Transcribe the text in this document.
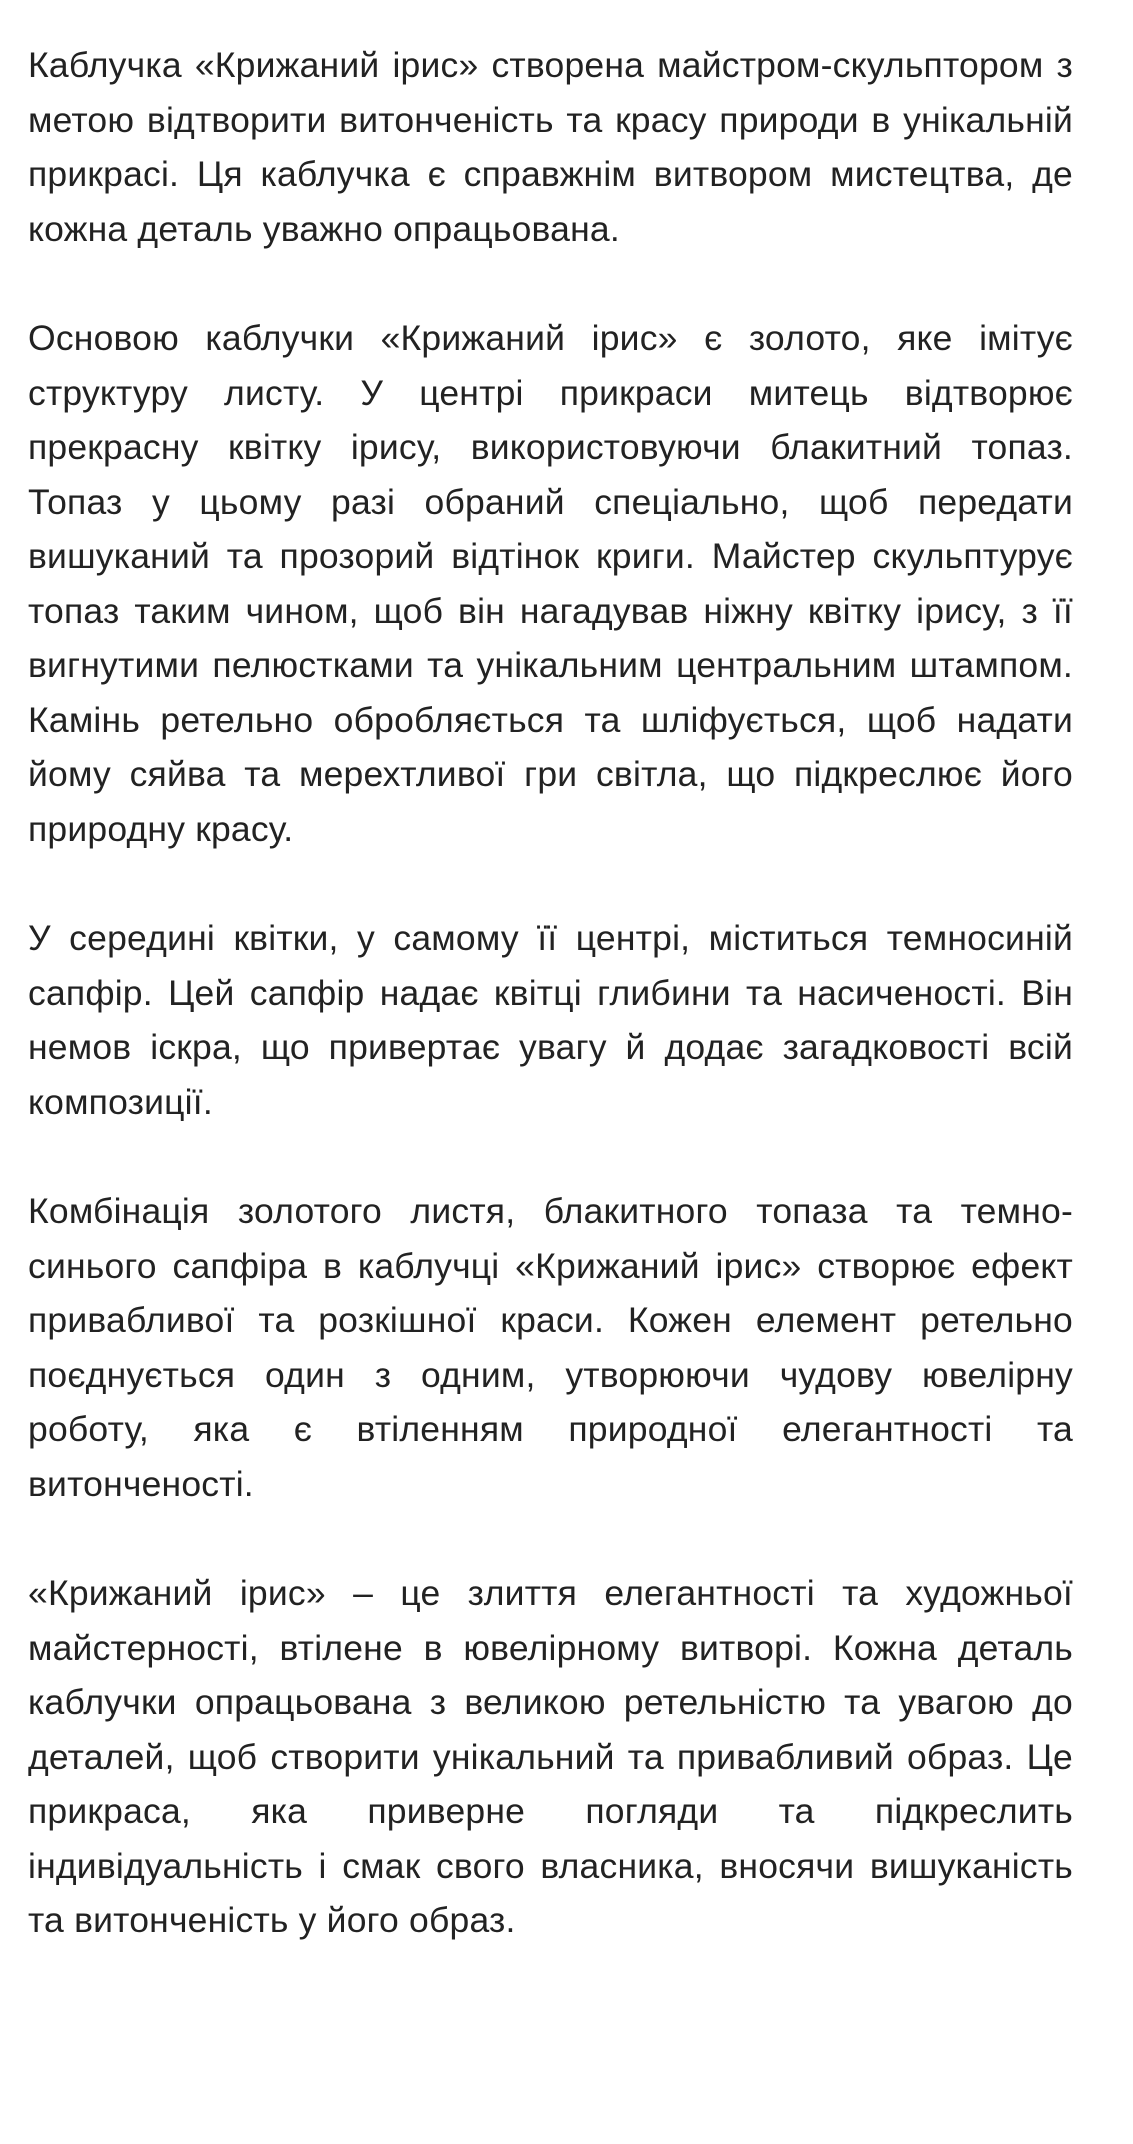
Каблучка «Крижаний ірис» створена майстром-скульптором з метою відтворити витонченість та красу природи в унікальній прикрасі. Ця каблучка є справжнім витвором мистецтва, де кожна деталь уважно опрацьована.

Основою каблучки «Крижаний ірис» є золото, яке імітує структуру листу. У центрі прикраси митець відтворює прекрасну квітку ірису, використовуючи блакитний топаз. Топаз у цьому разі обраний спеціально, щоб передати вишуканий та прозорий відтінок криги. Майстер скульптурує топаз таким чином, щоб він нагадував ніжну квітку ірису, з її вигнутими пелюстками та унікальним центральним штампом. Камінь ретельно обробляється та шліфується, щоб надати йому сяйва та мерехтливої гри світла, що підкреслює його природну красу.

У середині квітки, у самому її центрі, міститься темносиній сапфір. Цей сапфір надає квітці глибини та насиченості. Він немов іскра, що привертає увагу й додає загадковості всій композиції.

Комбінація золотого листя, блакитного топаза та темно-синього сапфіра в каблучці «Крижаний ірис» створює ефект привабливої та розкішної краси. Кожен елемент ретельно поєднується один з одним, утворюючи чудову ювелірну роботу, яка є втіленням природної елегантності та витонченості.

«Крижаний ірис» – це злиття елегантності та художньої майстерності, втілене в ювелірному витворі. Кожна деталь каблучки опрацьована з великою ретельністю та увагою до деталей, щоб створити унікальний та привабливий образ. Це прикраса, яка приверне погляди та підкреслить індивідуальність і смак свого власника, вносячи вишуканість та витонченість у його образ.
